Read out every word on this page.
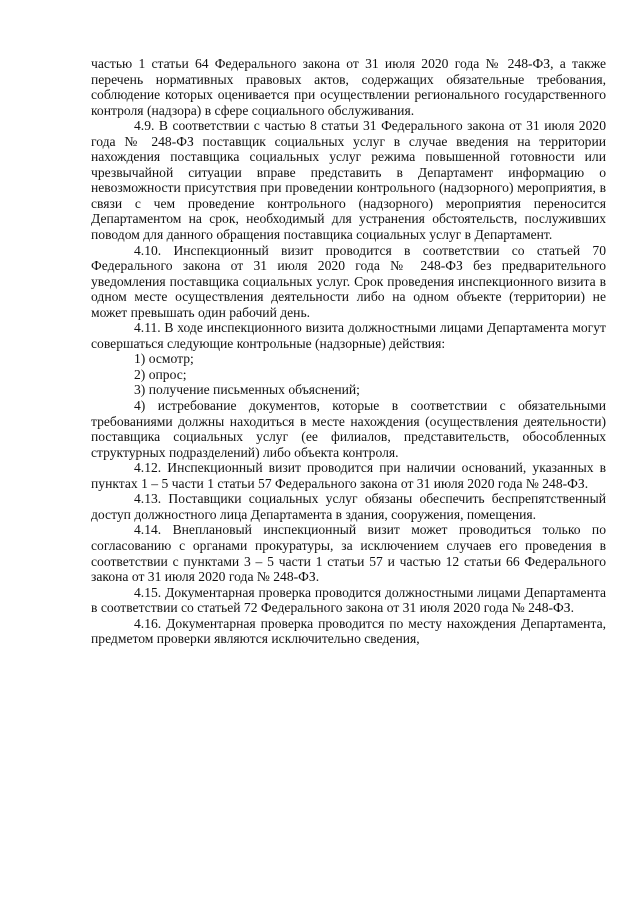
частью 1 статьи 64 Федерального закона от 31 июля 2020 года № 248-ФЗ, а также перечень нормативных правовых актов, содержащих обязательные требования, соблюдение которых оценивается при осуществлении регионального государственного контроля (надзора) в сфере социального обслуживания.

4.9. В соответствии с частью 8 статьи 31 Федерального закона от 31 июля 2020 года № 248-ФЗ поставщик социальных услуг в случае введения на территории нахождения поставщика социальных услуг режима повышенной готовности или чрезвычайной ситуации вправе представить в Департамент информацию о невозможности присутствия при проведении контрольного (надзорного) мероприятия, в связи с чем проведение контрольного (надзорного) мероприятия переносится Департаментом на срок, необходимый для устранения обстоятельств, послуживших поводом для данного обращения поставщика социальных услуг в Департамент.

4.10. Инспекционный визит проводится в соответствии со статьей 70 Федерального закона от 31 июля 2020 года № 248-ФЗ без предварительного уведомления поставщика социальных услуг. Срок проведения инспекционного визита в одном месте осуществления деятельности либо на одном объекте (территории) не может превышать один рабочий день.

4.11. В ходе инспекционного визита должностными лицами Департамента могут совершаться следующие контрольные (надзорные) действия:

1) осмотр;

2) опрос;

3) получение письменных объяснений;

4) истребование документов, которые в соответствии с обязательными требованиями должны находиться в месте нахождения (осуществления деятельности) поставщика социальных услуг (ее филиалов, представительств, обособленных структурных подразделений) либо объекта контроля.

4.12. Инспекционный визит проводится при наличии оснований, указанных в пунктах 1 – 5 части 1 статьи 57 Федерального закона от 31 июля 2020 года № 248-ФЗ.

4.13. Поставщики социальных услуг обязаны обеспечить беспрепятственный доступ должностного лица Департамента в здания, сооружения, помещения.

4.14. Внеплановый инспекционный визит может проводиться только по согласованию с органами прокуратуры, за исключением случаев его проведения в соответствии с пунктами 3 – 5 части 1 статьи 57 и частью 12 статьи 66 Федерального закона от 31 июля 2020 года № 248-ФЗ.

4.15. Документарная проверка проводится должностными лицами Департамента в соответствии со статьей 72 Федерального закона от 31 июля 2020 года № 248-ФЗ.

4.16. Документарная проверка проводится по месту нахождения Департамента, предметом проверки являются исключительно сведения,
